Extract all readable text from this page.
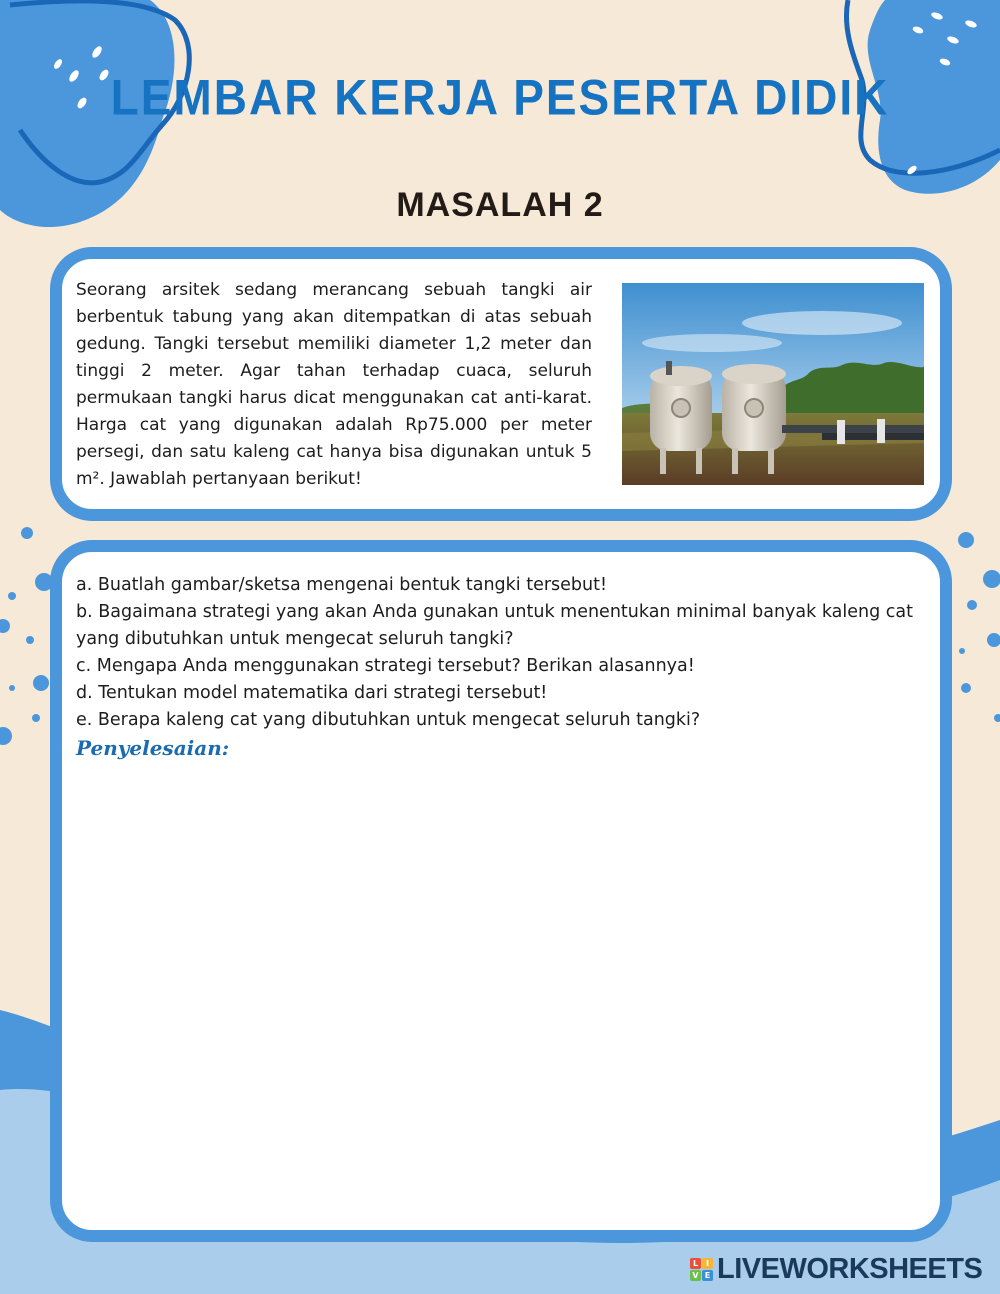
LEMBAR KERJA PESERTA DIDIK
MASALAH 2

Seorang arsitek sedang merancang sebuah tangki air berbentuk tabung yang akan ditempatkan di atas sebuah gedung. Tangki tersebut memiliki diameter 1,2 meter dan tinggi 2 meter. Agar tahan terhadap cuaca, seluruh permukaan tangki harus dicat menggunakan cat anti-karat. Harga cat yang digunakan adalah Rp75.000 per meter persegi, dan satu kaleng cat hanya bisa digunakan untuk 5 m². Jawablah pertanyaan berikut!

a. Buatlah gambar/sketsa mengenai bentuk tangki tersebut!
b. Bagaimana strategi yang akan Anda gunakan untuk menentukan minimal banyak kaleng cat yang dibutuhkan untuk mengecat seluruh tangki?
c. Mengapa Anda menggunakan strategi tersebut? Berikan alasannya!
d. Tentukan model matematika dari strategi tersebut!
e. Berapa kaleng cat yang dibutuhkan untuk mengecat seluruh tangki?

Penyelesaian:

L I
V E LIVEWORKSHEETS
